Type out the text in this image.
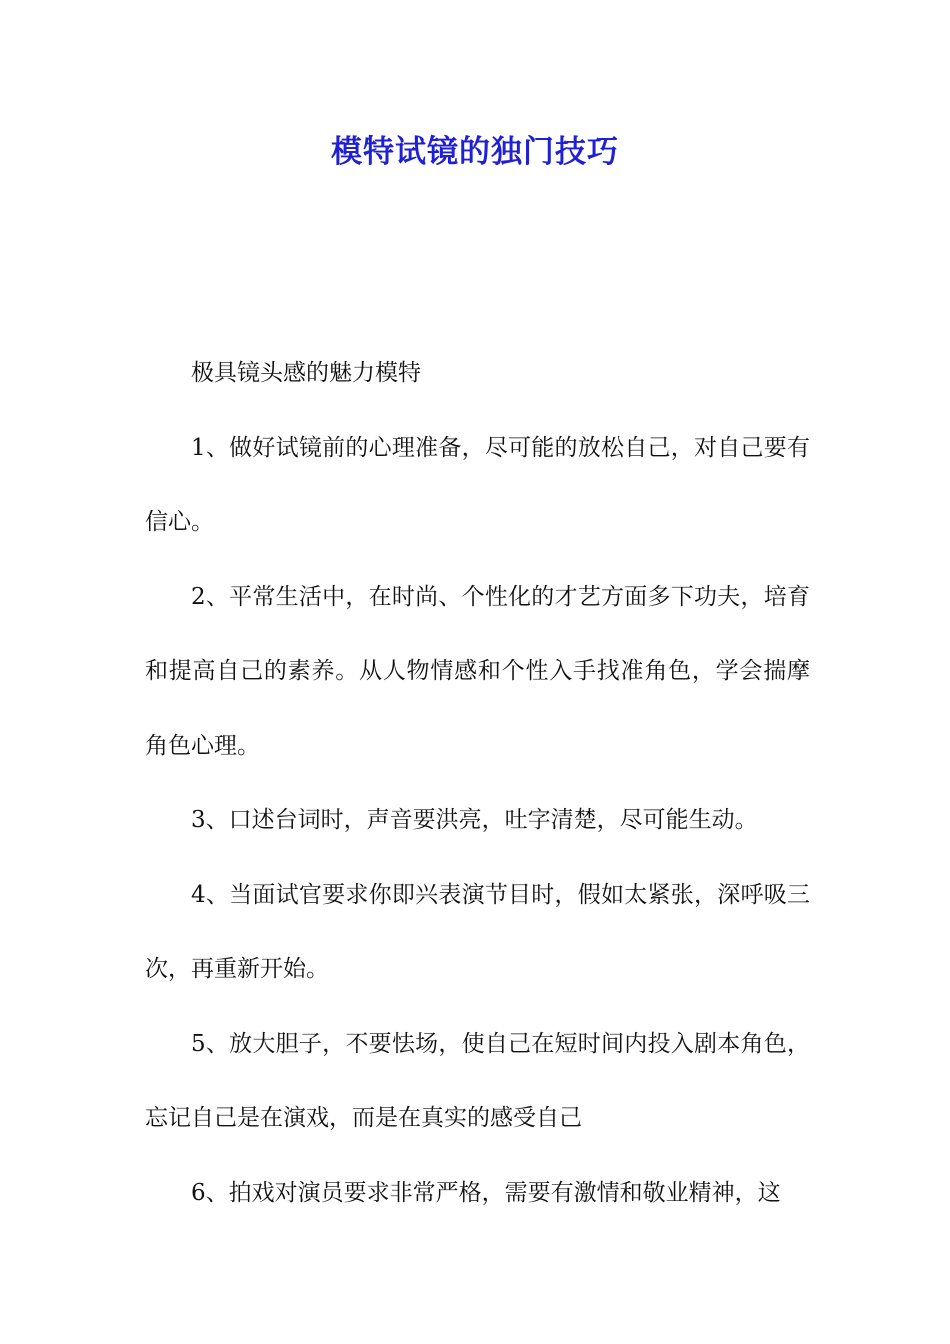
模特试镜的独门技巧

极具镜头感的魅力模特

1、做好试镜前的心理准备，尽可能的放松自己，对自己要有信心。

2、平常生活中，在时尚、个性化的才艺方面多下功夫，培育和提高自己的素养。从人物情感和个性入手找准角色，学会揣摩角色心理。

3、口述台词时，声音要洪亮，吐字清楚，尽可能生动。

4、当面试官要求你即兴表演节目时，假如太紧张，深呼吸三次，再重新开始。

5、放大胆子，不要怯场，使自己在短时间内投入剧本角色，忘记自己是在演戏，而是在真实的感受自己

6、拍戏对演员要求非常严格，需要有激情和敬业精神，这
